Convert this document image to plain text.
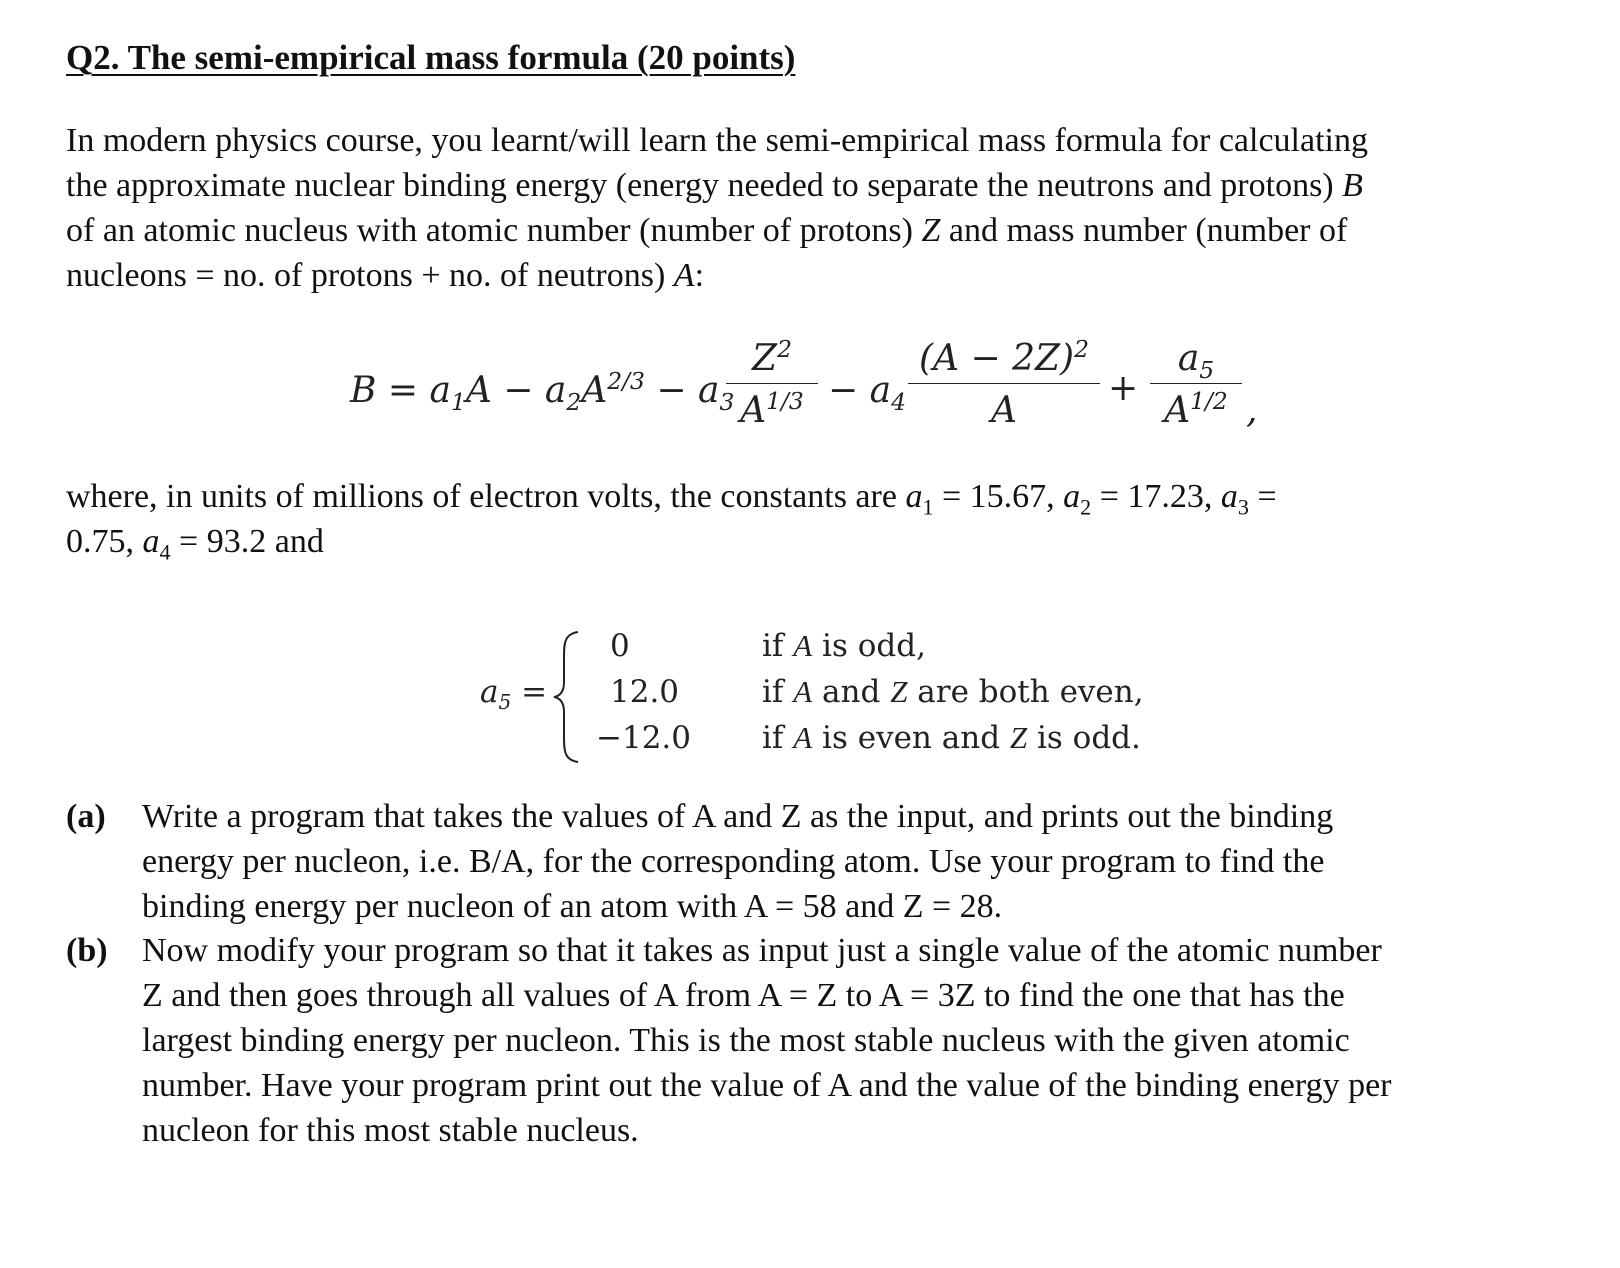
Q2. The semi-empirical mass formula (20 points)
In modern physics course, you learnt/will learn the semi-empirical mass formula for calculating
the approximate nuclear binding energy (energy needed to separate the neutrons and protons) B
of an atomic nucleus with atomic number (number of protons) Z and mass number (number of
nucleons = no. of protons + no. of neutrons) A:
$B = a_1A - a_2A^{2/3} - a_3$
$Z^2$
$A^{1/3} - a_4$
$(A - 2Z)^2$
A
+
$a_5$
$A^{1/2}$ ,
where, in units of millions of electron volts, the constants are $a_1 = 15.67$, $a_2 = 17.23$, $a_3$ =
0.75, $a_4 = 93.2$ and
$a_5$ =
0
12.0
−12.0
if A is odd,
if A and Z are both even,
if A is even and Z is odd.
(a) Write a program that takes the values of A and Z as the input, and prints out the binding
energy per nucleon, i.e. B/A, for the corresponding atom. Use your program to find the
binding energy per nucleon of an atom with A = 58 and Z = 28.
(b) Now modify your program so that it takes as input just a single value of the atomic number
Z and then goes through all values of A from A = Z to A = 3Z to find the one that has the
largest binding energy per nucleon. This is the most stable nucleus with the given atomic
number. Have your program print out the value of A and the value of the binding energy per
nucleon for this most stable nucleus.
